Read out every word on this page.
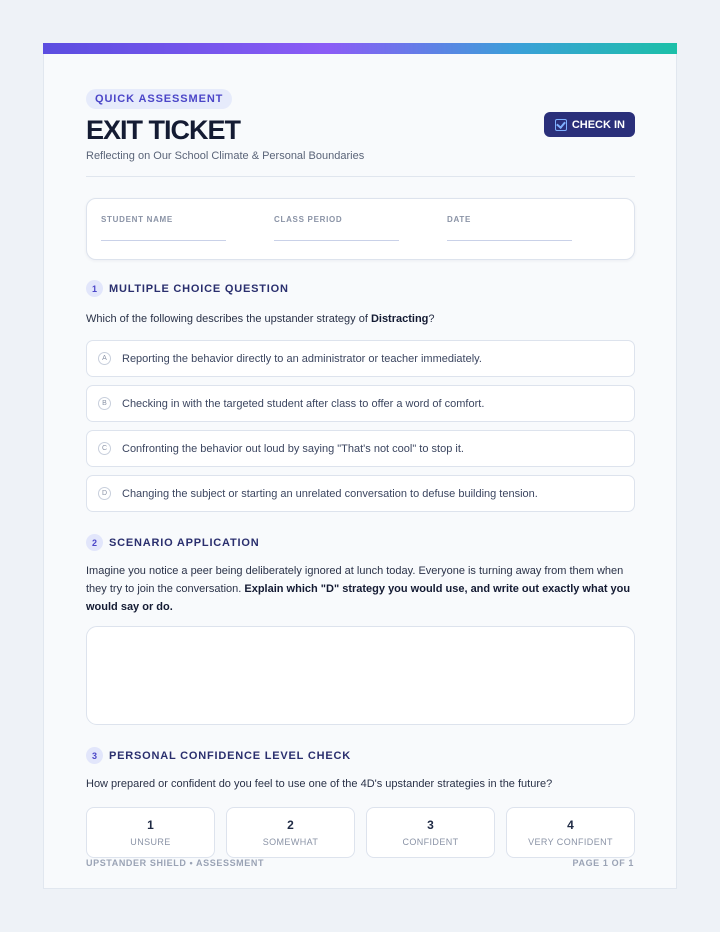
QUICK ASSESSMENT
EXIT TICKET
Reflecting on Our School Climate & Personal Boundaries
CHECK IN
STUDENT NAME	CLASS PERIOD	DATE
1	MULTIPLE CHOICE QUESTION
Which of the following describes the upstander strategy of Distracting?
A	Reporting the behavior directly to an administrator or teacher immediately.
B	Checking in with the targeted student after class to offer a word of comfort.
C	Confronting the behavior out loud by saying "That's not cool" to stop it.
D	Changing the subject or starting an unrelated conversation to defuse building tension.
2	SCENARIO APPLICATION
Imagine you notice a peer being deliberately ignored at lunch today. Everyone is turning away from them when they try to join the conversation. Explain which "D" strategy you would use, and write out exactly what you would say or do.
3	PERSONAL CONFIDENCE LEVEL CHECK
How prepared or confident do you feel to use one of the 4D's upstander strategies in the future?
1
UNSURE
2
SOMEWHAT
3
CONFIDENT
4
VERY CONFIDENT
UPSTANDER SHIELD • ASSESSMENT	PAGE 1 OF 1
